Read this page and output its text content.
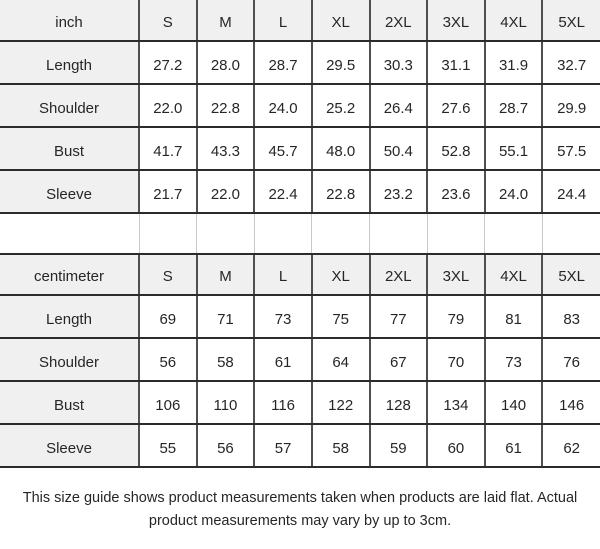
inch	S	M	L	XL	2XL	3XL	4XL	5XL
Length	27.2	28.0	28.7	29.5	30.3	31.1	31.9	32.7
Shoulder	22.0	22.8	24.0	25.2	26.4	27.6	28.7	29.9
Bust	41.7	43.3	45.7	48.0	50.4	52.8	55.1	57.5
Sleeve	21.7	22.0	22.4	22.8	23.2	23.6	24.0	24.4

centimeter	S	M	L	XL	2XL	3XL	4XL	5XL
Length	69	71	73	75	77	79	81	83
Shoulder	56	58	61	64	67	70	73	76
Bust	106	110	116	122	128	134	140	146
Sleeve	55	56	57	58	59	60	61	62
This size guide shows product measurements taken when products are laid flat. Actual
product measurements may vary by up to 3cm.
